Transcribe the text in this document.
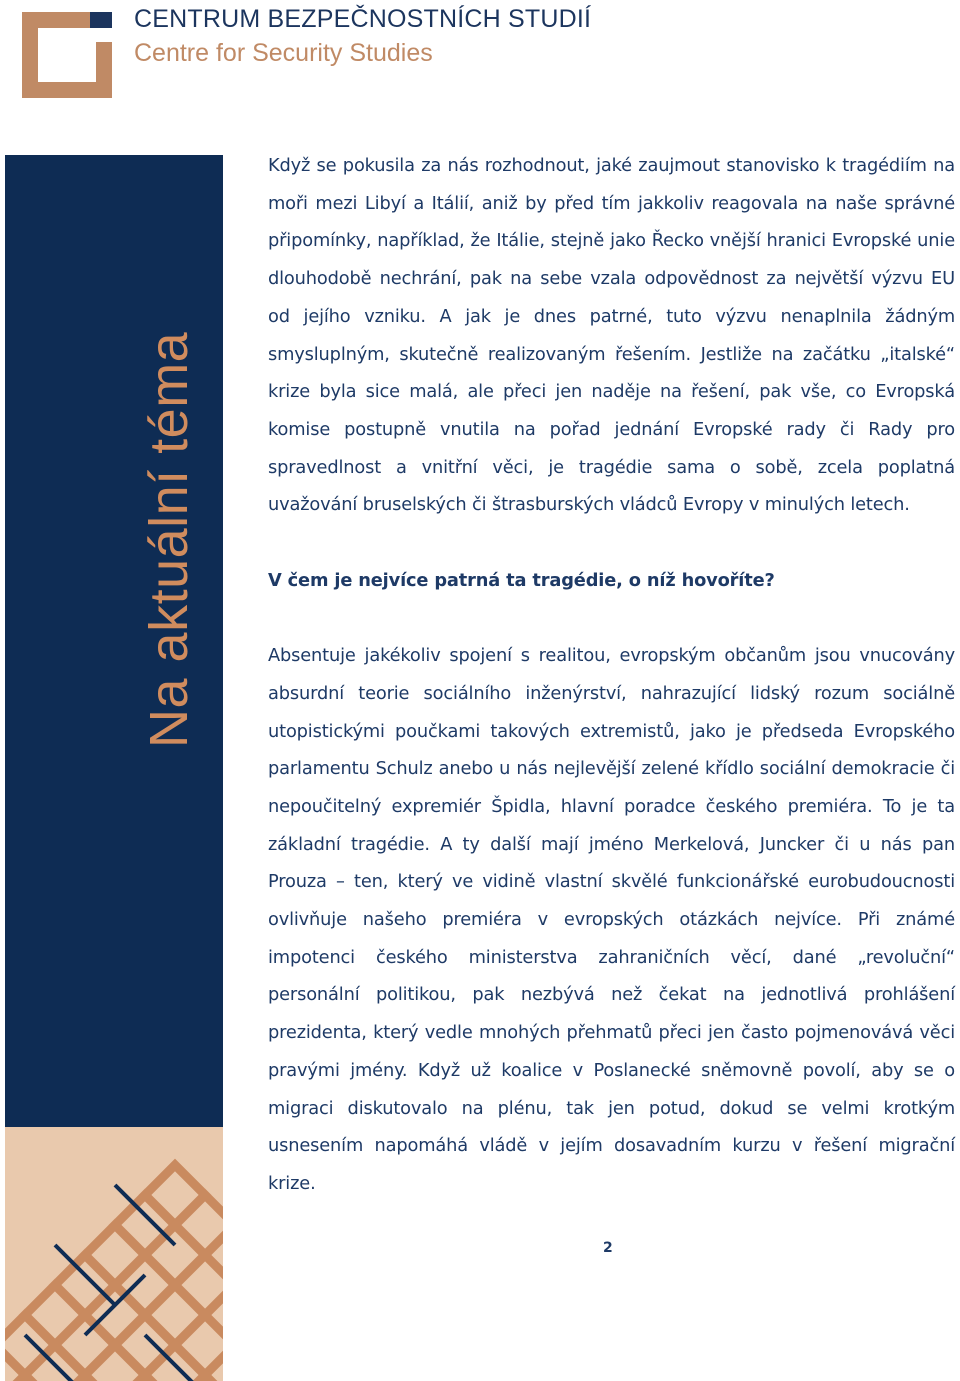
CENTRUM BEZPEČNOSTNÍCH STUDIÍ
Centre for Security Studies
Na aktuální téma

Když se pokusila za nás rozhodnout, jaké zaujmout stanovisko k tragédiím na moři mezi Libyí a Itálií, aniž by před tím jakkoliv reagovala na naše správné připomínky, například, že Itálie, stejně jako Řecko vnější hranici Evropské unie dlouhodobě nechrání, pak na sebe vzala odpovědnost za největší výzvu EU od jejího vzniku. A jak je dnes patrné, tuto výzvu nenaplnila žádným smysluplným, skutečně realizovaným řešením. Jestliže na začátku „italské“ krize byla sice malá, ale přeci jen naděje na řešení, pak vše, co Evropská komise postupně vnutila na pořad jednání Evropské rady či Rady pro spravedlnost a vnitřní věci, je tragédie sama o sobě, zcela poplatná uvažování bruselských či štrasburských vládců Evropy v minulých letech.

V čem je nejvíce patrná ta tragédie, o níž hovoříte?

Absentuje jakékoliv spojení s realitou, evropským občanům jsou vnucovány absurdní teorie sociálního inženýrství, nahrazující lidský rozum sociálně utopistickými poučkami takových extremistů, jako je předseda Evropského parlamentu Schulz anebo u nás nejlevější zelené křídlo sociální demokracie či nepoučitelný expremiér Špidla, hlavní poradce českého premiéra. To je ta základní tragédie. A ty další mají jméno Merkelová, Juncker či u nás pan Prouza – ten, který ve vidině vlastní skvělé funkcionářské eurobudoucnosti ovlivňuje našeho premiéra v evropských otázkách nejvíce. Při známé impotenci českého ministerstva zahraničních věcí, dané „revoluční“ personální politikou, pak nezbývá než čekat na jednotlivá prohlášení prezidenta, který vedle mnohých přehmatů přeci jen často pojmenovává věci pravými jmény. Když už koalice v Poslanecké sněmovně povolí, aby se o migraci diskutovalo na plénu, tak jen potud, dokud se velmi krotkým usnesením napomáhá vládě v jejím dosavadním kurzu v řešení migrační krize.

2
